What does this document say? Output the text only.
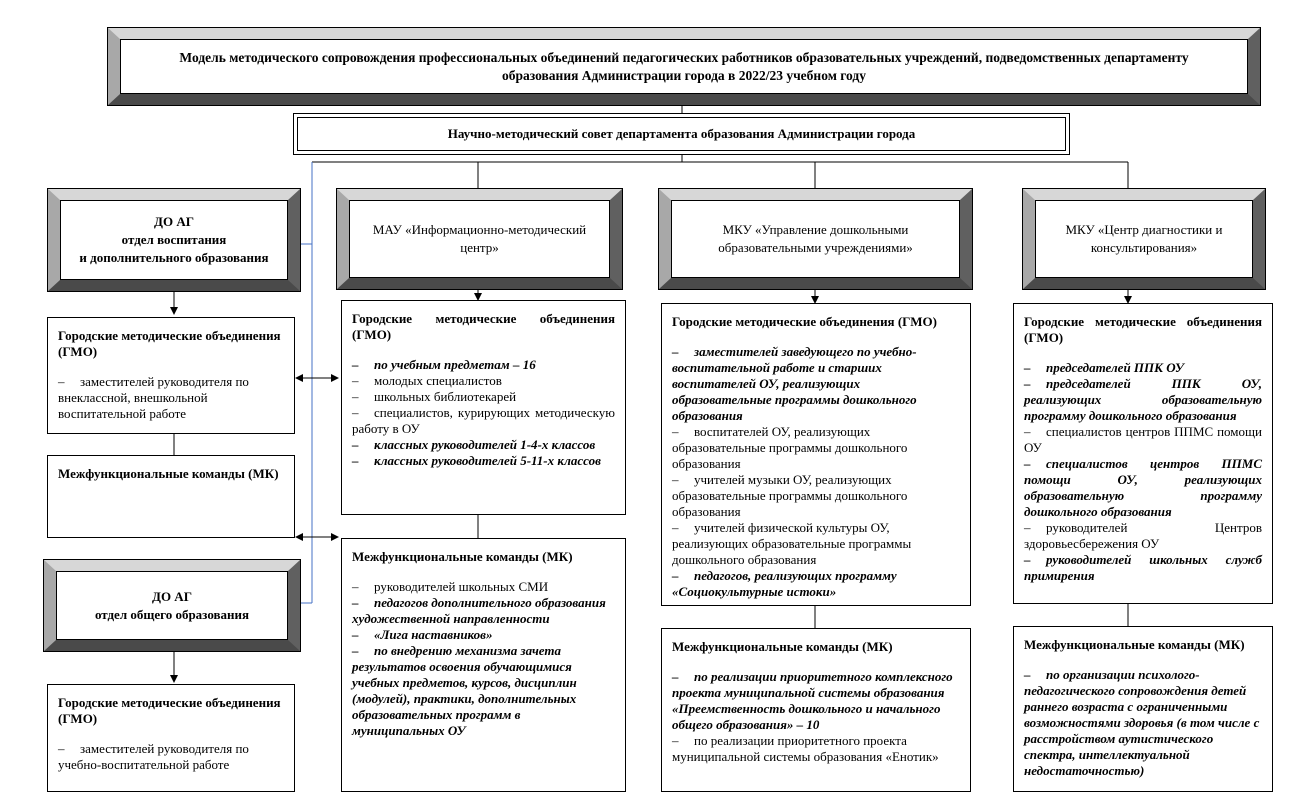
Модель методического сопровождения профессиональных объединений педагогических работников образовательных учреждений, подведомственных департаменту образования Администрации города в 2022/23 учебном году
Научно-методический совет департамента образования Администрации города
ДО АГ
отдел воспитания
и дополнительного образования
Городские методические объединения (ГМО)
– заместителей руководителя по внеклассной, внешкольной воспитательной работе
Межфункциональные команды (МК)
ДО АГ
отдел общего образования
Городские методические объединения (ГМО)
– заместителей руководителя по учебно-воспитательной работе
МАУ «Информационно-методический центр»
Городские методические объединения (ГМО)
– по учебным предметам – 16
– молодых специалистов
– школьных библиотекарей
– специалистов, курирующих методическую работу в ОУ
– классных руководителей 1-4-х классов
– классных руководителей 5-11-х классов
Межфункциональные команды (МК)
– руководителей школьных СМИ
– педагогов дополнительного образования художественной направленности
– «Лига наставников»
– по внедрению механизма зачета результатов освоения обучающимися учебных предметов, курсов, дисциплин (модулей), практики, дополнительных образовательных программ в муниципальных ОУ
МКУ «Управление дошкольными образовательными учреждениями»
Городские методические объединения (ГМО)
– заместителей заведующего по учебно-воспитательной работе и старших воспитателей ОУ, реализующих образовательные программы дошкольного образования
– воспитателей ОУ, реализующих образовательные программы дошкольного образования
– учителей музыки ОУ, реализующих образовательные программы дошкольного образования
– учителей физической культуры ОУ, реализующих образовательные программы дошкольного образования
– педагогов, реализующих программу «Социокультурные истоки»
Межфункциональные команды (МК)
– по реализации приоритетного комплексного проекта муниципальной системы образования «Преемственность дошкольного и начального общего образования» – 10
– по реализации приоритетного проекта муниципальной системы образования «Енотик»
МКУ «Центр диагностики и консультирования»
Городские методические объединения (ГМО)
– председателей ППК ОУ
– председателей ППК ОУ, реализующих образовательную программу дошкольного образования
– специалистов центров ППМС помощи ОУ
– специалистов центров ППМС помощи ОУ, реализующих образовательную программу дошкольного образования
– руководителей Центров здоровьесбережения ОУ
– руководителей школьных служб примирения
Межфункциональные команды (МК)
– по организации психолого-педагогического сопровождения детей раннего возраста с ограниченными возможностями здоровья (в том числе с расстройством аутистического спектра, интеллектуальной недостаточностью)
